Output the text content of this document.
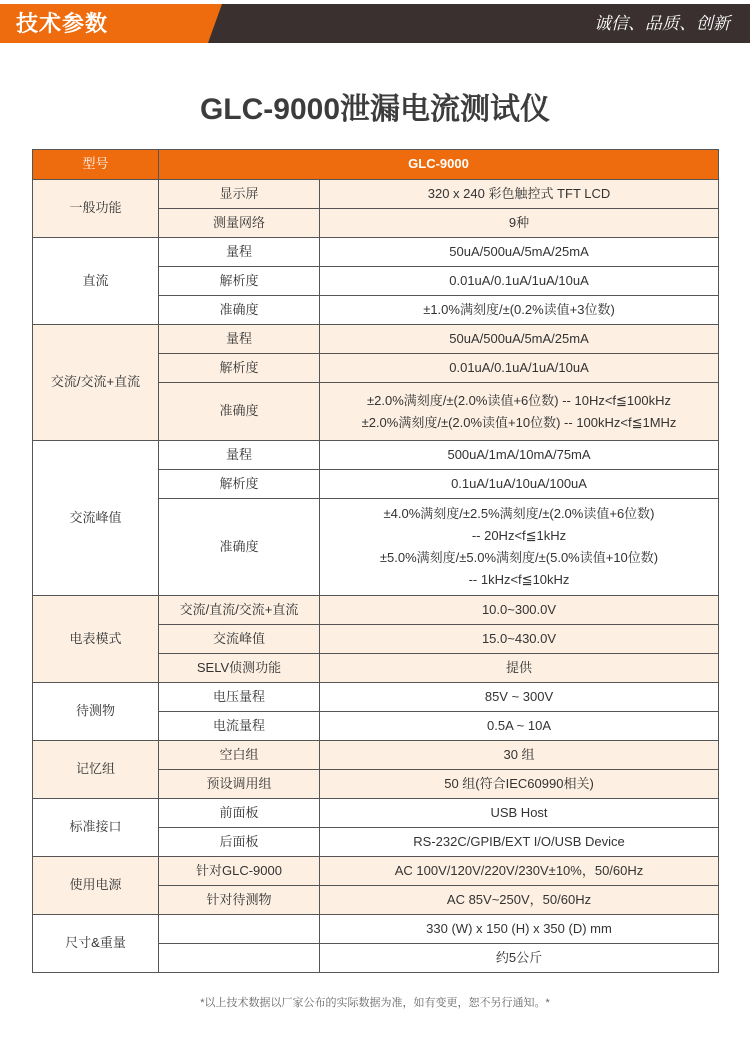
技术参数	诚信、品质、创新
GLC-9000泄漏电流测试仪
型号	GLC-9000	
一般功能	显示屏	320 x 240 彩色触控式 TFT LCD
	测量网络	9种
直流	量程	50uA/500uA/5mA/25mA
	解析度	0.01uA/0.1uA/1uA/10uA
	准确度	±1.0%满刻度/±(0.2%读值+3位数)
交流/交流+直流	量程	50uA/500uA/5mA/25mA
	解析度	0.01uA/0.1uA/1uA/10uA
	准确度	±2.0%满刻度/±(2.0%读值+6位数) -- 10Hz<f≦100kHz
±2.0%满刻度/±(2.0%读值+10位数) -- 100kHz<f≦1MHz

交流峰值	量程	500uA/1mA/10mA/75mA
	解析度	0.1uA/1uA/10uA/100uA
	准确度	±4.0%满刻度/±2.5%满刻度/±(2.0%读值+6位数)
-- 20Hz<f≦1kHz
±5.0%满刻度/±5.0%满刻度/±(5.0%读值+10位数)
-- 1kHz<f≦10kHz

电表模式	交流/直流/交流+直流	10.0~300.0V
	交流峰值	15.0~430.0V
	SELV侦测功能	提供
待测物	电压量程	85V ~ 300V
	电流量程	0.5A ~ 10A
记忆组	空白组	30 组
	预设调用组	50 组(符合IEC60990相关)
标准接口	前面板	USB Host
	后面板	RS-232C/GPIB/EXT I/O/USB Device
使用电源	针对GLC-9000	AC 100V/120V/220V/230V±10%，50/60Hz
	针对待测物	AC 85V~250V，50/60Hz
尺寸&重量		330 (W) x 150 (H) x 350 (D) mm
		约5公斤
*以上技术数据以厂家公布的实际数据为准，如有变更，恕不另行通知。*
